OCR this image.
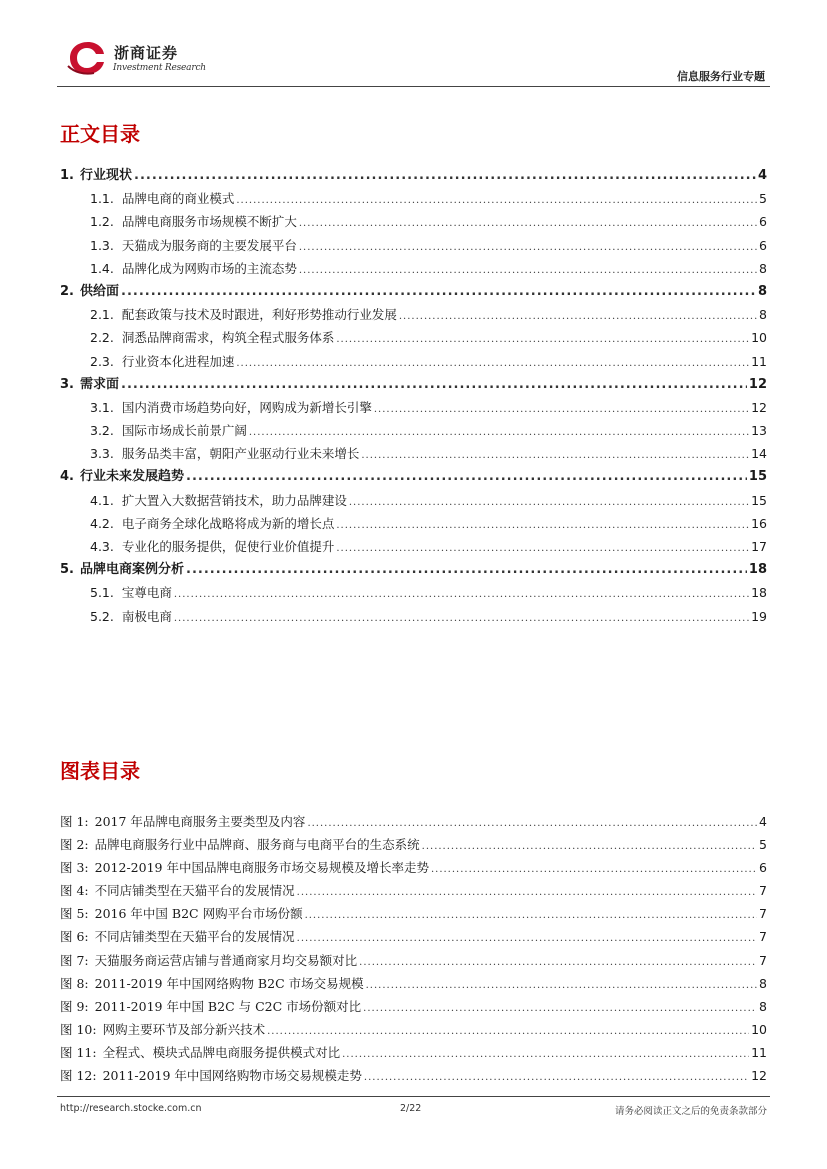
浙商证券
Investment Research
信息服务行业专题
正文目录
1. 行业现状 .....	4
1.1. 品牌电商的商业模式 .....	5
1.2. 品牌电商服务市场规模不断扩大 .....	6
1.3. 天猫成为服务商的主要发展平台 .....	6
1.4. 品牌化成为网购市场的主流态势 .....	8
2. 供给面 .....	8
2.1. 配套政策与技术及时跟进，利好形势推动行业发展 .....	8
2.2. 洞悉品牌商需求，构筑全程式服务体系 .....	10
2.3. 行业资本化进程加速 .....	11
3. 需求面 .....	12
3.1. 国内消费市场趋势向好，网购成为新增长引擎 .....	12
3.2. 国际市场成长前景广阔 .....	13
3.3. 服务品类丰富，朝阳产业驱动行业未来增长 .....	14
4. 行业未来发展趋势 .....	15
4.1. 扩大置入大数据营销技术，助力品牌建设 .....	15
4.2. 电子商务全球化战略将成为新的增长点 .....	16
4.3. 专业化的服务提供，促使行业价值提升 .....	17
5. 品牌电商案例分析 .....	18
5.1. 宝尊电商 .....	18
5.2. 南极电商 .....	19
图表目录
图 1: 2017 年品牌电商服务主要类型及内容 .....	4
图 2: 品牌电商服务行业中品牌商、服务商与电商平台的生态系统 .....	5
图 3: 2012-2019 年中国品牌电商服务市场交易规模及增长率走势 .....	6
图 4: 不同店铺类型在天猫平台的发展情况 .....	7
图 5: 2016 年中国 B2C 网购平台市场份额 .....	7
图 6: 不同店铺类型在天猫平台的发展情况 .....	7
图 7: 天猫服务商运营店铺与普通商家月均交易额对比 .....	7
图 8: 2011-2019 年中国网络购物 B2C 市场交易规模 .....	8
图 9: 2011-2019 年中国 B2C 与 C2C 市场份额对比 .....	8
图 10: 网购主要环节及部分新兴技术 .....	10
图 11: 全程式、模块式品牌电商服务提供模式对比 .....	11
图 12: 2011-2019 年中国网络购物市场交易规模走势 .....	12
http://research.stocke.com.cn	2/22	请务必阅读正文之后的免责条款部分
